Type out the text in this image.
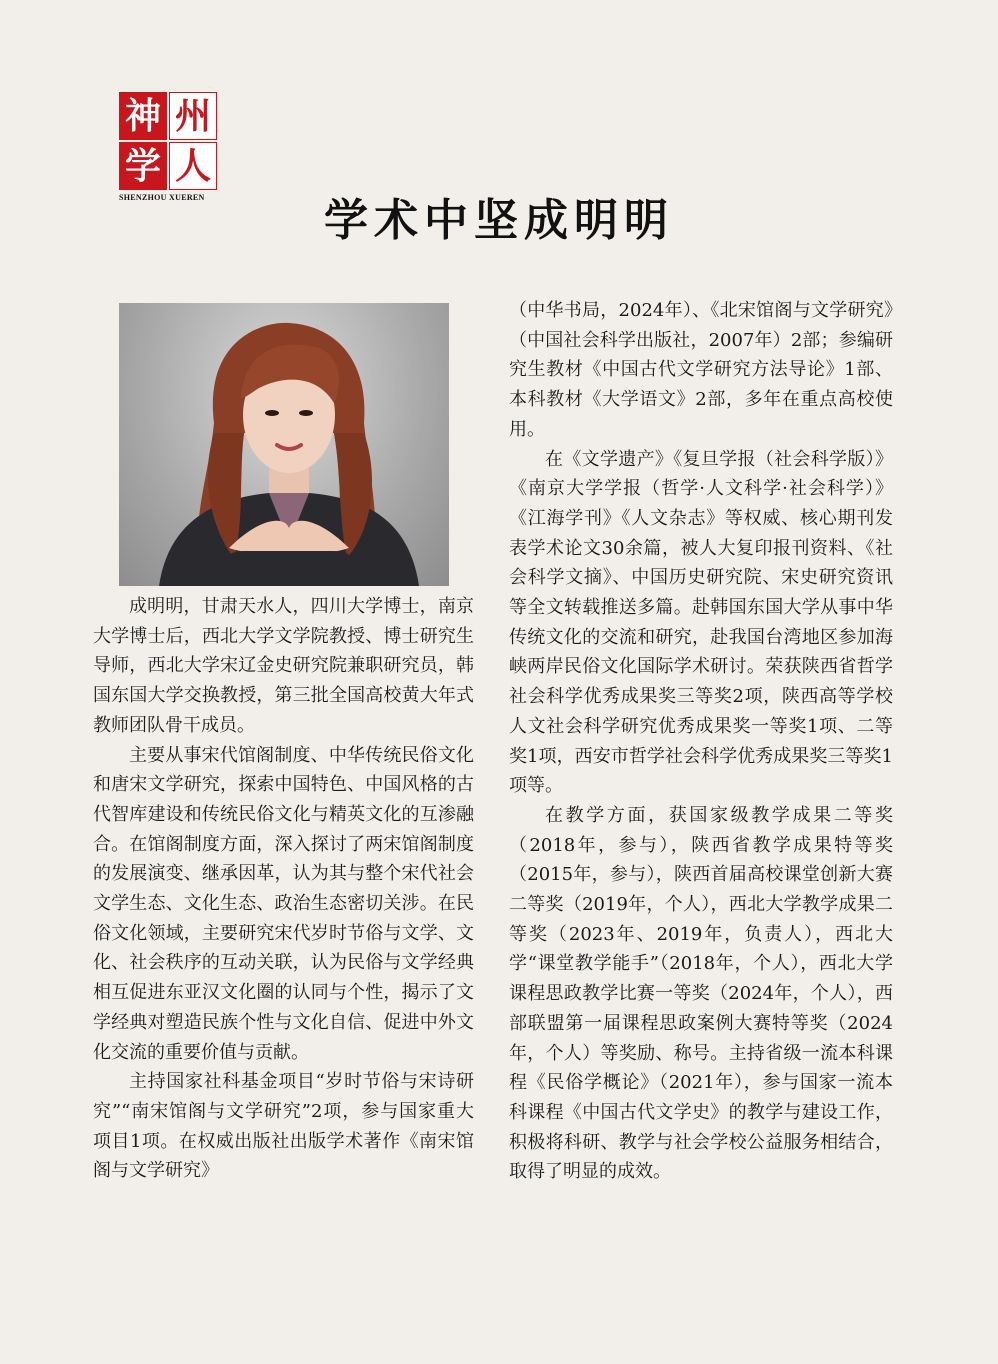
神 州
学 人
SHENZHOU XUEREN	学术中坚成明明

成明明，甘肃天水人，四川大学博士，南京大学博士后，西北大学文学院教授、博士研究生导师，西北大学宋辽金史研究院兼职研究员，韩国东国大学交换教授，第三批全国高校黄大年式教师团队骨干成员。

主要从事宋代馆阁制度、中华传统民俗文化和唐宋文学研究，探索中国特色、中国风格的古代智库建设和传统民俗文化与精英文化的互渗融合。在馆阁制度方面，深入探讨了两宋馆阁制度的发展演变、继承因革，认为其与整个宋代社会文学生态、文化生态、政治生态密切关涉。在民俗文化领域，主要研究宋代岁时节俗与文学、文化、社会秩序的互动关联，认为民俗与文学经典相互促进东亚汉文化圈的认同与个性，揭示了文学经典对塑造民族个性与文化自信、促进中外文化交流的重要价值与贡献。

主持国家社科基金项目“岁时节俗与宋诗研究”“南宋馆阁与文学研究”2项，参与国家重大项目1项。在权威出版社出版学术著作《南宋馆阁与文学研究》

（中华书局，2024年）、《北宋馆阁与文学研究》（中国社会科学出版社，2007年）2部；参编研究生教材《中国古代文学研究方法导论》1部、本科教材《大学语文》2部，多年在重点高校使用。

在《文学遗产》《复旦学报（社会科学版）》《南京大学学报（哲学·人文科学·社会科学）》《江海学刊》《人文杂志》等权威、核心期刊发表学术论文30余篇，被人大复印报刊资料、《社会科学文摘》、中国历史研究院、宋史研究资讯等全文转载推送多篇。赴韩国东国大学从事中华传统文化的交流和研究，赴我国台湾地区参加海峡两岸民俗文化国际学术研讨。荣获陕西省哲学社会科学优秀成果奖三等奖2项，陕西高等学校人文社会科学研究优秀成果奖一等奖1项、二等奖1项，西安市哲学社会科学优秀成果奖三等奖1项等。

在教学方面，获国家级教学成果二等奖（2018年，参与），陕西省教学成果特等奖（2015年，参与），陕西首届高校课堂创新大赛二等奖（2019年，个人），西北大学教学成果二等奖（2023年、2019年，负责人），西北大学“课堂教学能手”（2018年，个人），西北大学课程思政教学比赛一等奖（2024年，个人），西部联盟第一届课程思政案例大赛特等奖（2024年，个人）等奖励、称号。主持省级一流本科课程《民俗学概论》（2021年），参与国家一流本科课程《中国古代文学史》的教学与建设工作，积极将科研、教学与社会学校公益服务相结合，取得了明显的成效。
